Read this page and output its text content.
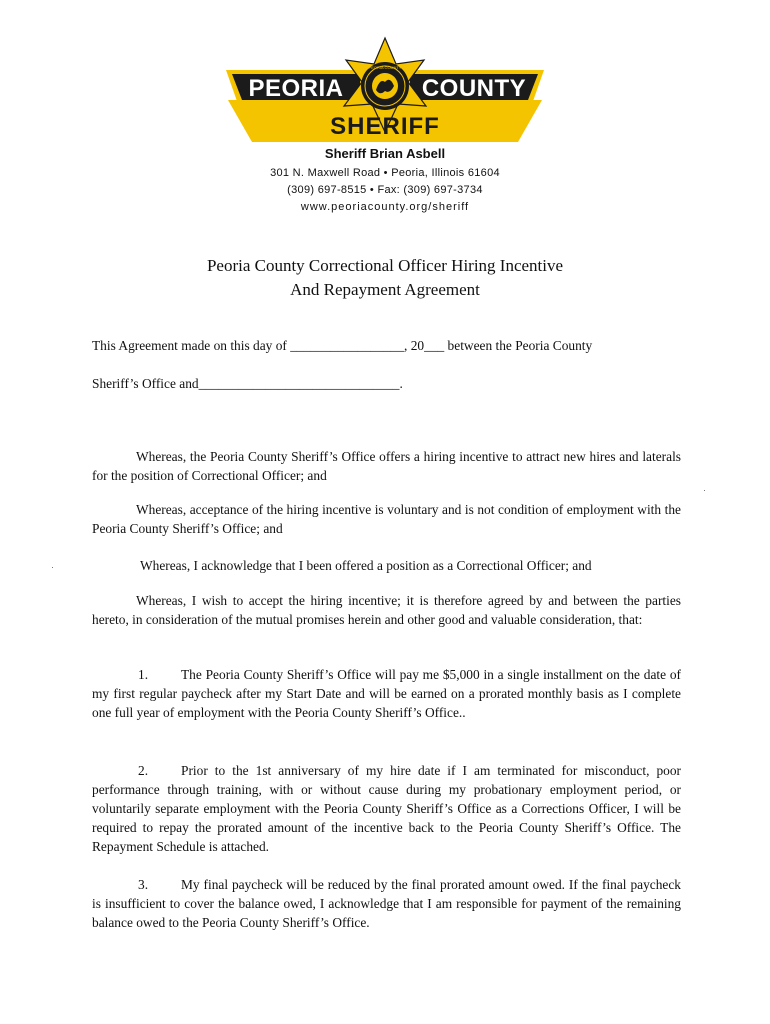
PEORIA COUNTY
PEORIA	COUNTY
SHERIFF
Sheriff Brian Asbell
301 N. Maxwell Road • Peoria, Illinois 61604
(309) 697-8515 • Fax: (309) 697-3734
www.peoriacounty.org/sheriff
Peoria County Correctional Officer Hiring Incentive
And Repayment Agreement
This Agreement made on this day of _________________, 20___ between the Peoria County
Sheriff’s Office and______________________________.
Whereas, the Peoria County Sheriff’s Office offers a hiring incentive to attract new hires and laterals for the position of Correctional Officer; and
Whereas, acceptance of the hiring incentive is voluntary and is not condition of employment with the Peoria County Sheriff’s Office; and
Whereas, I acknowledge that I been offered a position as a Correctional Officer; and
Whereas, I wish to accept the hiring incentive; it is therefore agreed by and between the parties hereto, in consideration of the mutual promises herein and other good and valuable consideration, that:
1. The Peoria County Sheriff’s Office will pay me $5,000 in a single installment on the date of my first regular paycheck after my Start Date and will be earned on a prorated monthly basis as I complete one full year of employment with the Peoria County Sheriff’s Office..
2. Prior to the 1st anniversary of my hire date if I am terminated for misconduct, poor performance through training, with or without cause during my probationary employment period, or voluntarily separate employment with the Peoria County Sheriff’s Office as a Corrections Officer, I will be required to repay the prorated amount of the incentive back to the Peoria County Sheriff’s Office. The Repayment Schedule is attached.
3. My final paycheck will be reduced by the final prorated amount owed. If the final paycheck is insufficient to cover the balance owed, I acknowledge that I am responsible for payment of the remaining balance owed to the Peoria County Sheriff’s Office.
